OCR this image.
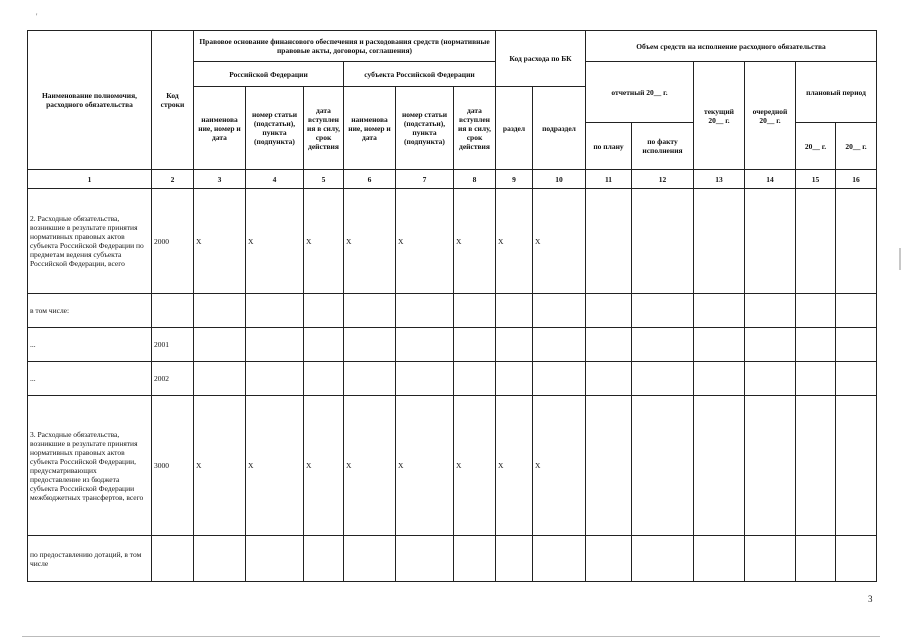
'
Наименование полномочия, расходного обязательства	Код строки	Правовое основание финансового обеспечения и расходования средств (нормативные правовые акты, договоры, соглашения)						Код расхода по БК		Объем средств на исполнение расходного обязательства					
		Российской Федерации			субъекта Российской Федерации					отчетный 20__ г.		текущий 20__ г.	очередной 20__ г.	плановый период	
		наименова ние, номер и дата	номер статьи (подстатьи), пункта (подпункта)	дата вступлен ия в силу, срок действия	наименова ние, номер и дата	номер статьи (подстатьи), пункта (подпункта)	дата вступлен ия в силу, срок действия	раздел	подраздел						
										по плану	по факту исполнения			20__ г.	20__ г.
1	2	3	4	5	6	7	8	9	10	11	12	13	14	15	16
2. Расходные обязательства, возникшие в результате принятия нормативных правовых актов субъекта Российской Федерации по предметам ведения субъекта Российской Федерации, всего	2000	X	X	X	X	X	X	X	X						
в том числе:															
...	2001														
...	2002														
3. Расходные обязательства, возникшие в результате принятия нормативных правовых актов субъекта Российской Федерации, предусматривающих предоставление из бюджета субъекта Российской Федерации межбюджетных трансфертов, всего	3000	X	X	X	X	X	X	X	X						
по предоставлению дотаций, в том числе															
3
